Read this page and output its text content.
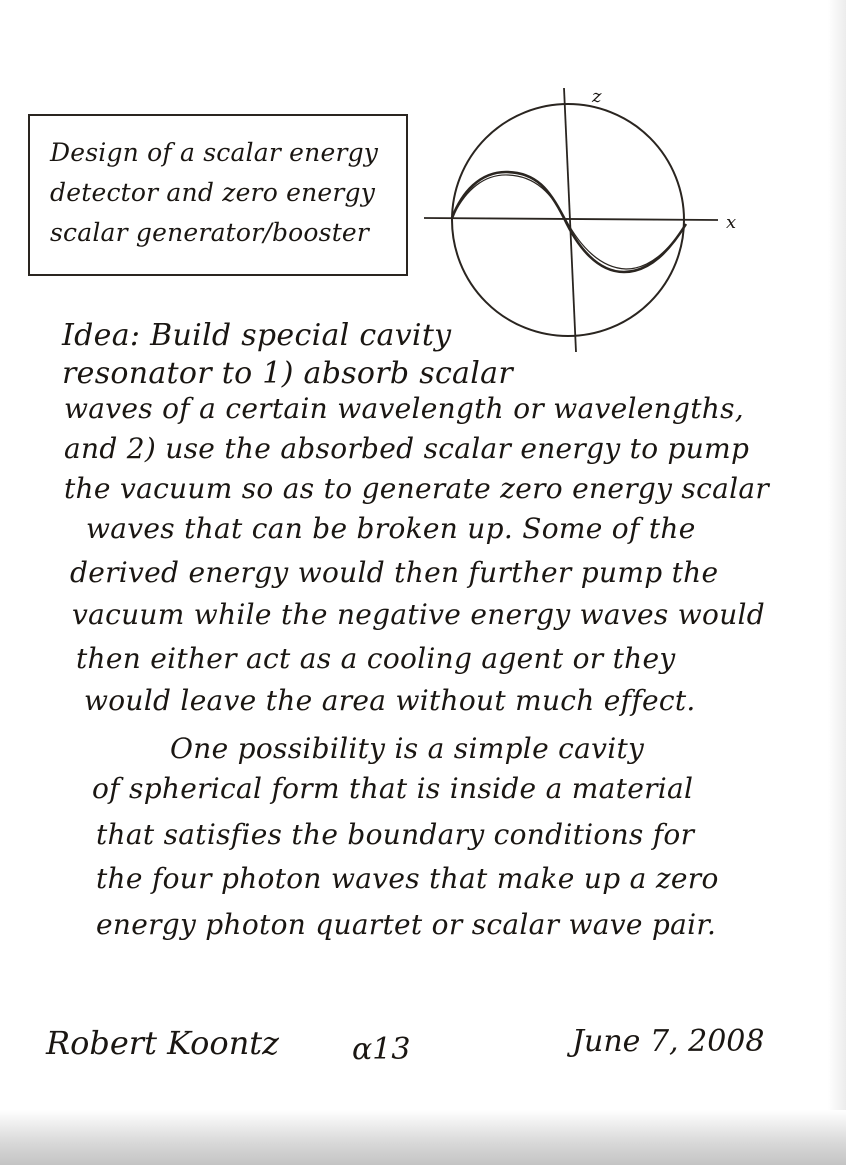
Design of a scalar energy
detector and zero energy
scalar generator/booster
z
x
Idea: Build special cavity
resonator to 1) absorb scalar
waves of a certain wavelength or wavelengths,
and 2) use the absorbed scalar energy to pump
the vacuum so as to generate zero energy scalar
waves that can be broken up. Some of the
derived energy would then further pump the
vacuum while the negative energy waves would
then either act as a cooling agent or they
would leave the area without much effect.
One possibility is a simple cavity
of spherical form that is inside a material
that satisfies the boundary conditions for
the four photon waves that make up a zero
energy photon quartet or scalar wave pair.
Robert Koontz α13	June 7, 2008
